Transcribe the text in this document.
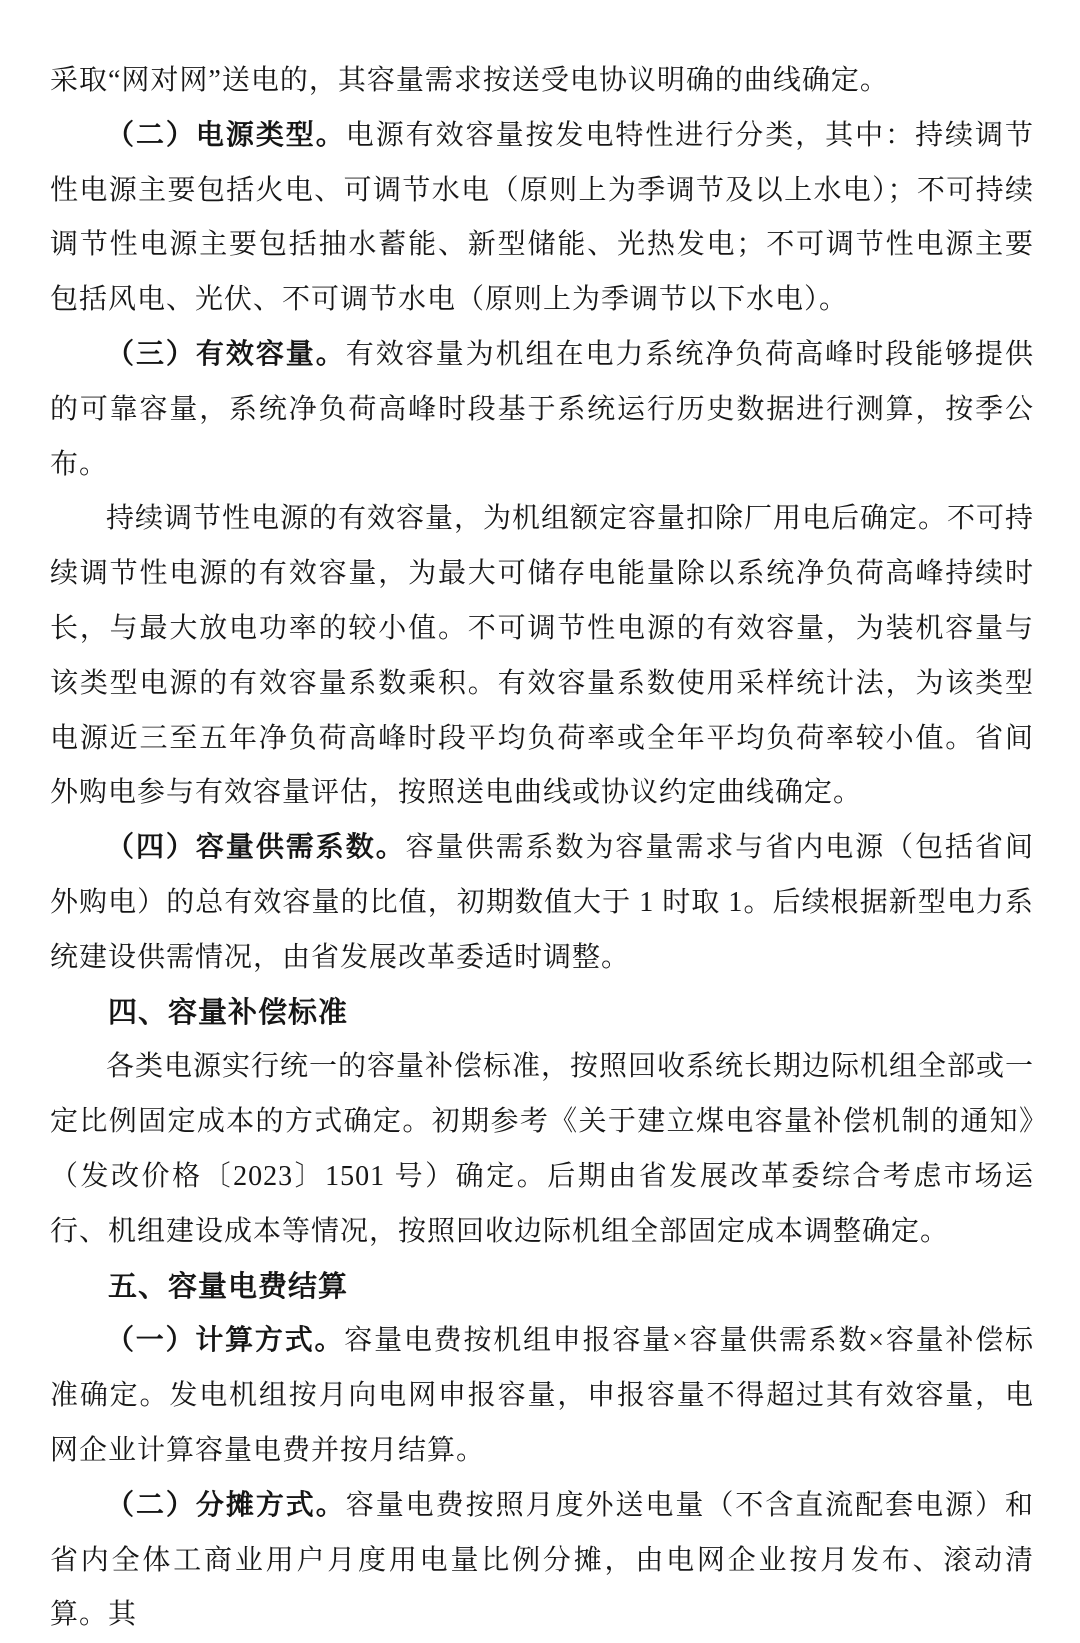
采取“网对网”送电的，其容量需求按送受电协议明确的曲线确定。

（二）电源类型。电源有效容量按发电特性进行分类，其中：持续调节性电源主要包括火电、可调节水电（原则上为季调节及以上水电）；不可持续调节性电源主要包括抽水蓄能、新型储能、光热发电；不可调节性电源主要包括风电、光伏、不可调节水电（原则上为季调节以下水电）。

（三）有效容量。有效容量为机组在电力系统净负荷高峰时段能够提供的可靠容量，系统净负荷高峰时段基于系统运行历史数据进行测算，按季公布。

持续调节性电源的有效容量，为机组额定容量扣除厂用电后确定。不可持续调节性电源的有效容量，为最大可储存电能量除以系统净负荷高峰持续时长，与最大放电功率的较小值。不可调节性电源的有效容量，为装机容量与该类型电源的有效容量系数乘积。有效容量系数使用采样统计法，为该类型电源近三至五年净负荷高峰时段平均负荷率或全年平均负荷率较小值。省间外购电参与有效容量评估，按照送电曲线或协议约定曲线确定。

（四）容量供需系数。容量供需系数为容量需求与省内电源（包括省间外购电）的总有效容量的比值，初期数值大于 1 时取 1。后续根据新型电力系统建设供需情况，由省发展改革委适时调整。

四、容量补偿标准

各类电源实行统一的容量补偿标准，按照回收系统长期边际机组全部或一定比例固定成本的方式确定。初期参考《关于建立煤电容量补偿机制的通知》（发改价格〔2023〕1501 号）确定。后期由省发展改革委综合考虑市场运行、机组建设成本等情况，按照回收边际机组全部固定成本调整确定。

五、容量电费结算

（一）计算方式。容量电费按机组申报容量×容量供需系数×容量补偿标准确定。发电机组按月向电网申报容量，申报容量不得超过其有效容量，电网企业计算容量电费并按月结算。

（二）分摊方式。容量电费按照月度外送电量（不含直流配套电源）和省内全体工商业用户月度用电量比例分摊，由电网企业按月发布、滚动清算。其
